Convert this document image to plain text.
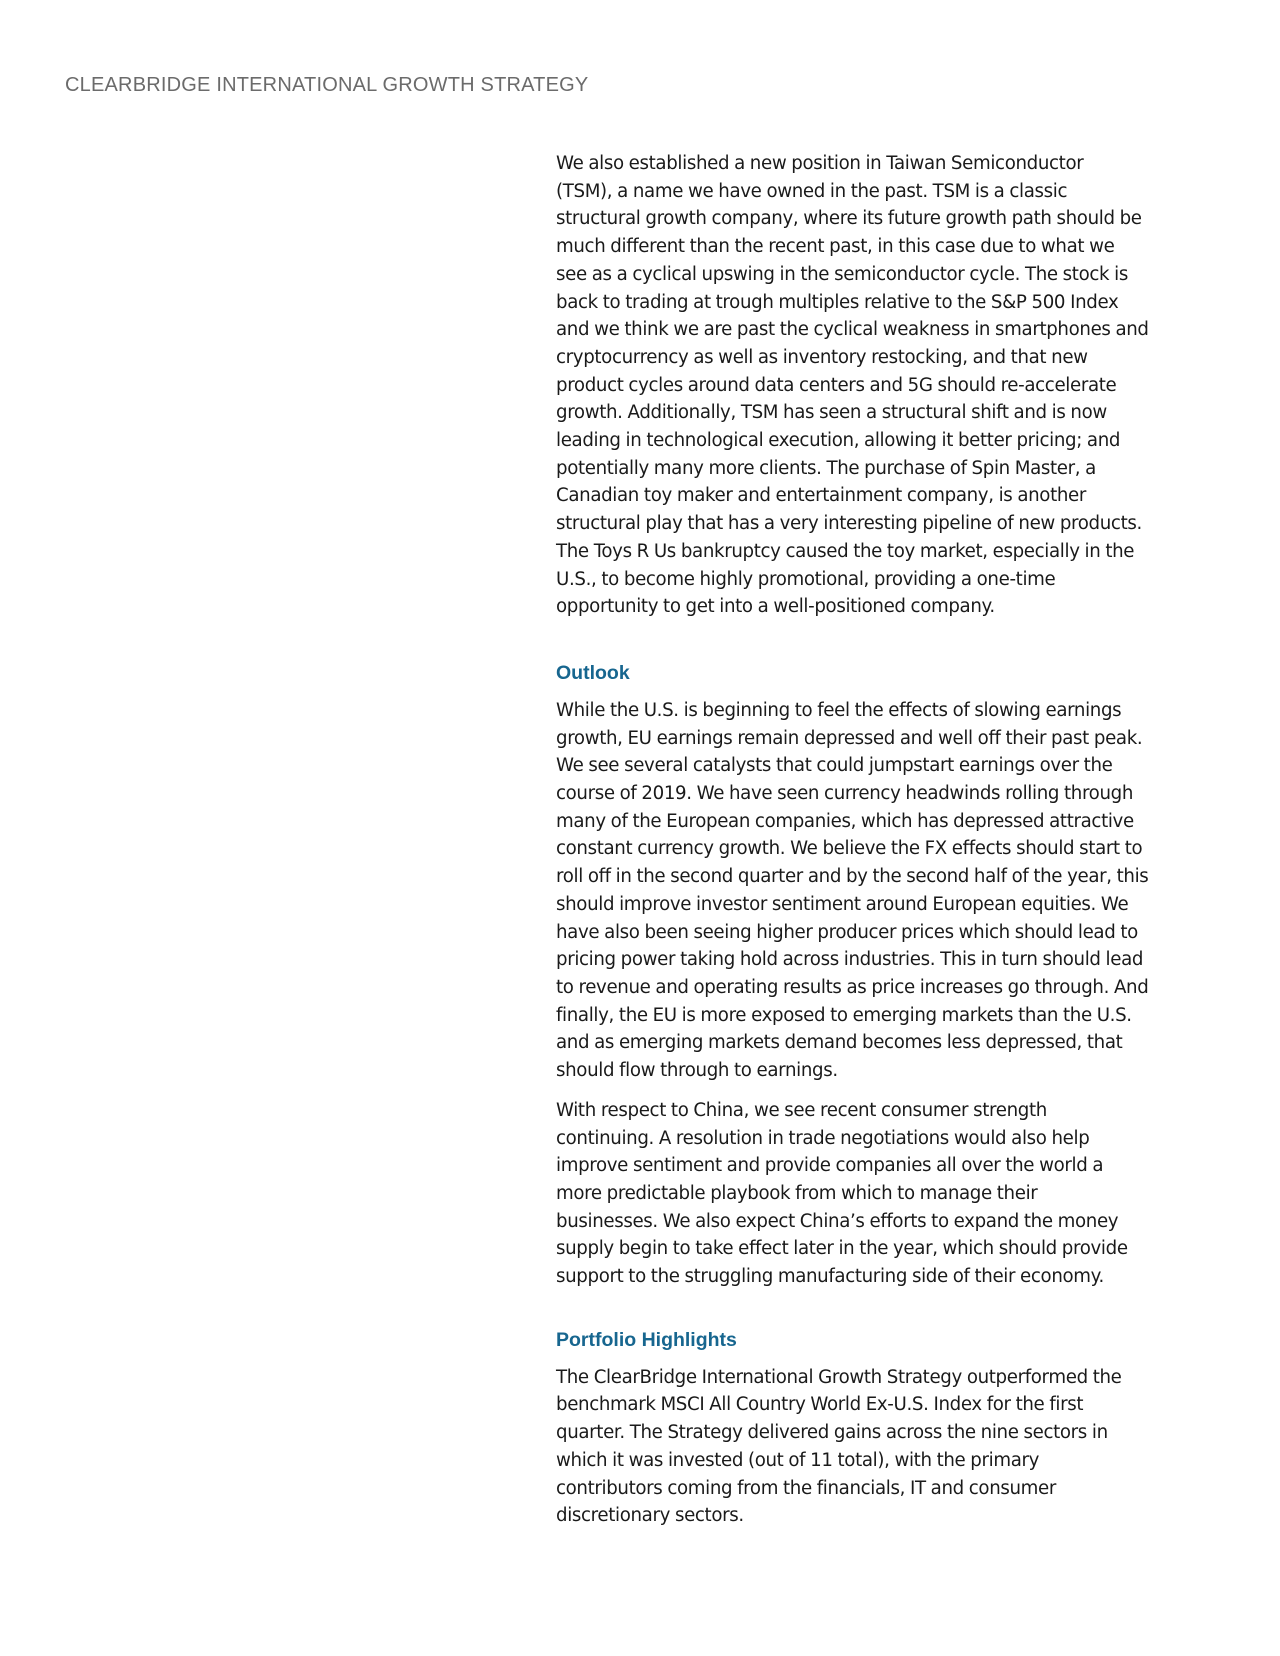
CLEARBRIDGE INTERNATIONAL GROWTH STRATEGY

We also established a new position in Taiwan Semiconductor
(TSM), a name we have owned in the past. TSM is a classic
structural growth company, where its future growth path should be
much different than the recent past, in this case due to what we
see as a cyclical upswing in the semiconductor cycle. The stock is
back to trading at trough multiples relative to the S&P 500 Index
and we think we are past the cyclical weakness in smartphones and
cryptocurrency as well as inventory restocking, and that new
product cycles around data centers and 5G should re-accelerate
growth. Additionally, TSM has seen a structural shift and is now
leading in technological execution, allowing it better pricing; and
potentially many more clients. The purchase of Spin Master, a
Canadian toy maker and entertainment company, is another
structural play that has a very interesting pipeline of new products.
The Toys R Us bankruptcy caused the toy market, especially in the
U.S., to become highly promotional, providing a one-time
opportunity to get into a well-positioned company.

Outlook

While the U.S. is beginning to feel the effects of slowing earnings
growth, EU earnings remain depressed and well off their past peak.
We see several catalysts that could jumpstart earnings over the
course of 2019. We have seen currency headwinds rolling through
many of the European companies, which has depressed attractive
constant currency growth. We believe the FX effects should start to
roll off in the second quarter and by the second half of the year, this
should improve investor sentiment around European equities. We
have also been seeing higher producer prices which should lead to
pricing power taking hold across industries. This in turn should lead
to revenue and operating results as price increases go through. And
finally, the EU is more exposed to emerging markets than the U.S.
and as emerging markets demand becomes less depressed, that
should flow through to earnings.

With respect to China, we see recent consumer strength
continuing. A resolution in trade negotiations would also help
improve sentiment and provide companies all over the world a
more predictable playbook from which to manage their
businesses. We also expect China’s efforts to expand the money
supply begin to take effect later in the year, which should provide
support to the struggling manufacturing side of their economy.

Portfolio Highlights

The ClearBridge International Growth Strategy outperformed the
benchmark MSCI All Country World Ex-U.S. Index for the first
quarter. The Strategy delivered gains across the nine sectors in
which it was invested (out of 11 total), with the primary
contributors coming from the financials, IT and consumer
discretionary sectors.
